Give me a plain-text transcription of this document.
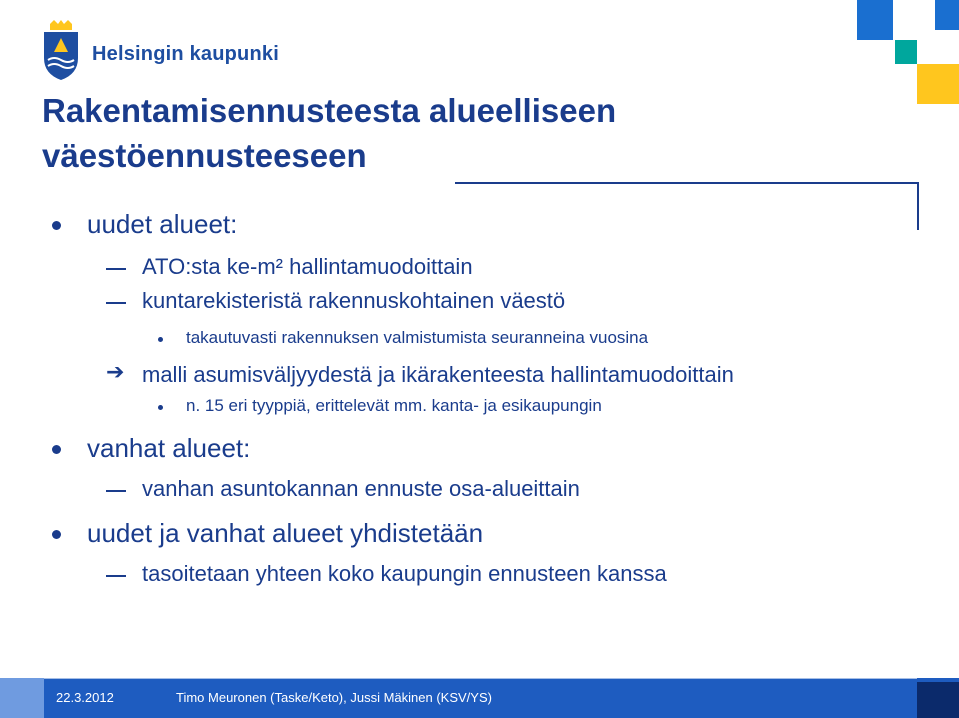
Helsingin kaupunki
Rakentamisennusteesta alueelliseen
väestöennusteeseen
uudet alueet:
ATO:sta ke-m² hallintamuodoittain
kuntarekisteristä rakennuskohtainen väestö
takautuvasti rakennuksen valmistumista seuranneina vuosina
➔ malli asumisväljyydestä ja ikärakenteesta hallintamuodoittain
n. 15 eri tyyppiä, erittelevät mm. kanta- ja esikaupungin
vanhat alueet:
vanhan asuntokannan ennuste osa-alueittain
uudet ja vanhat alueet yhdistetään
tasoitetaan yhteen koko kaupungin ennusteen kanssa
22.3.2012	Timo Meuronen (Taske/Keto), Jussi Mäkinen (KSV/YS)
